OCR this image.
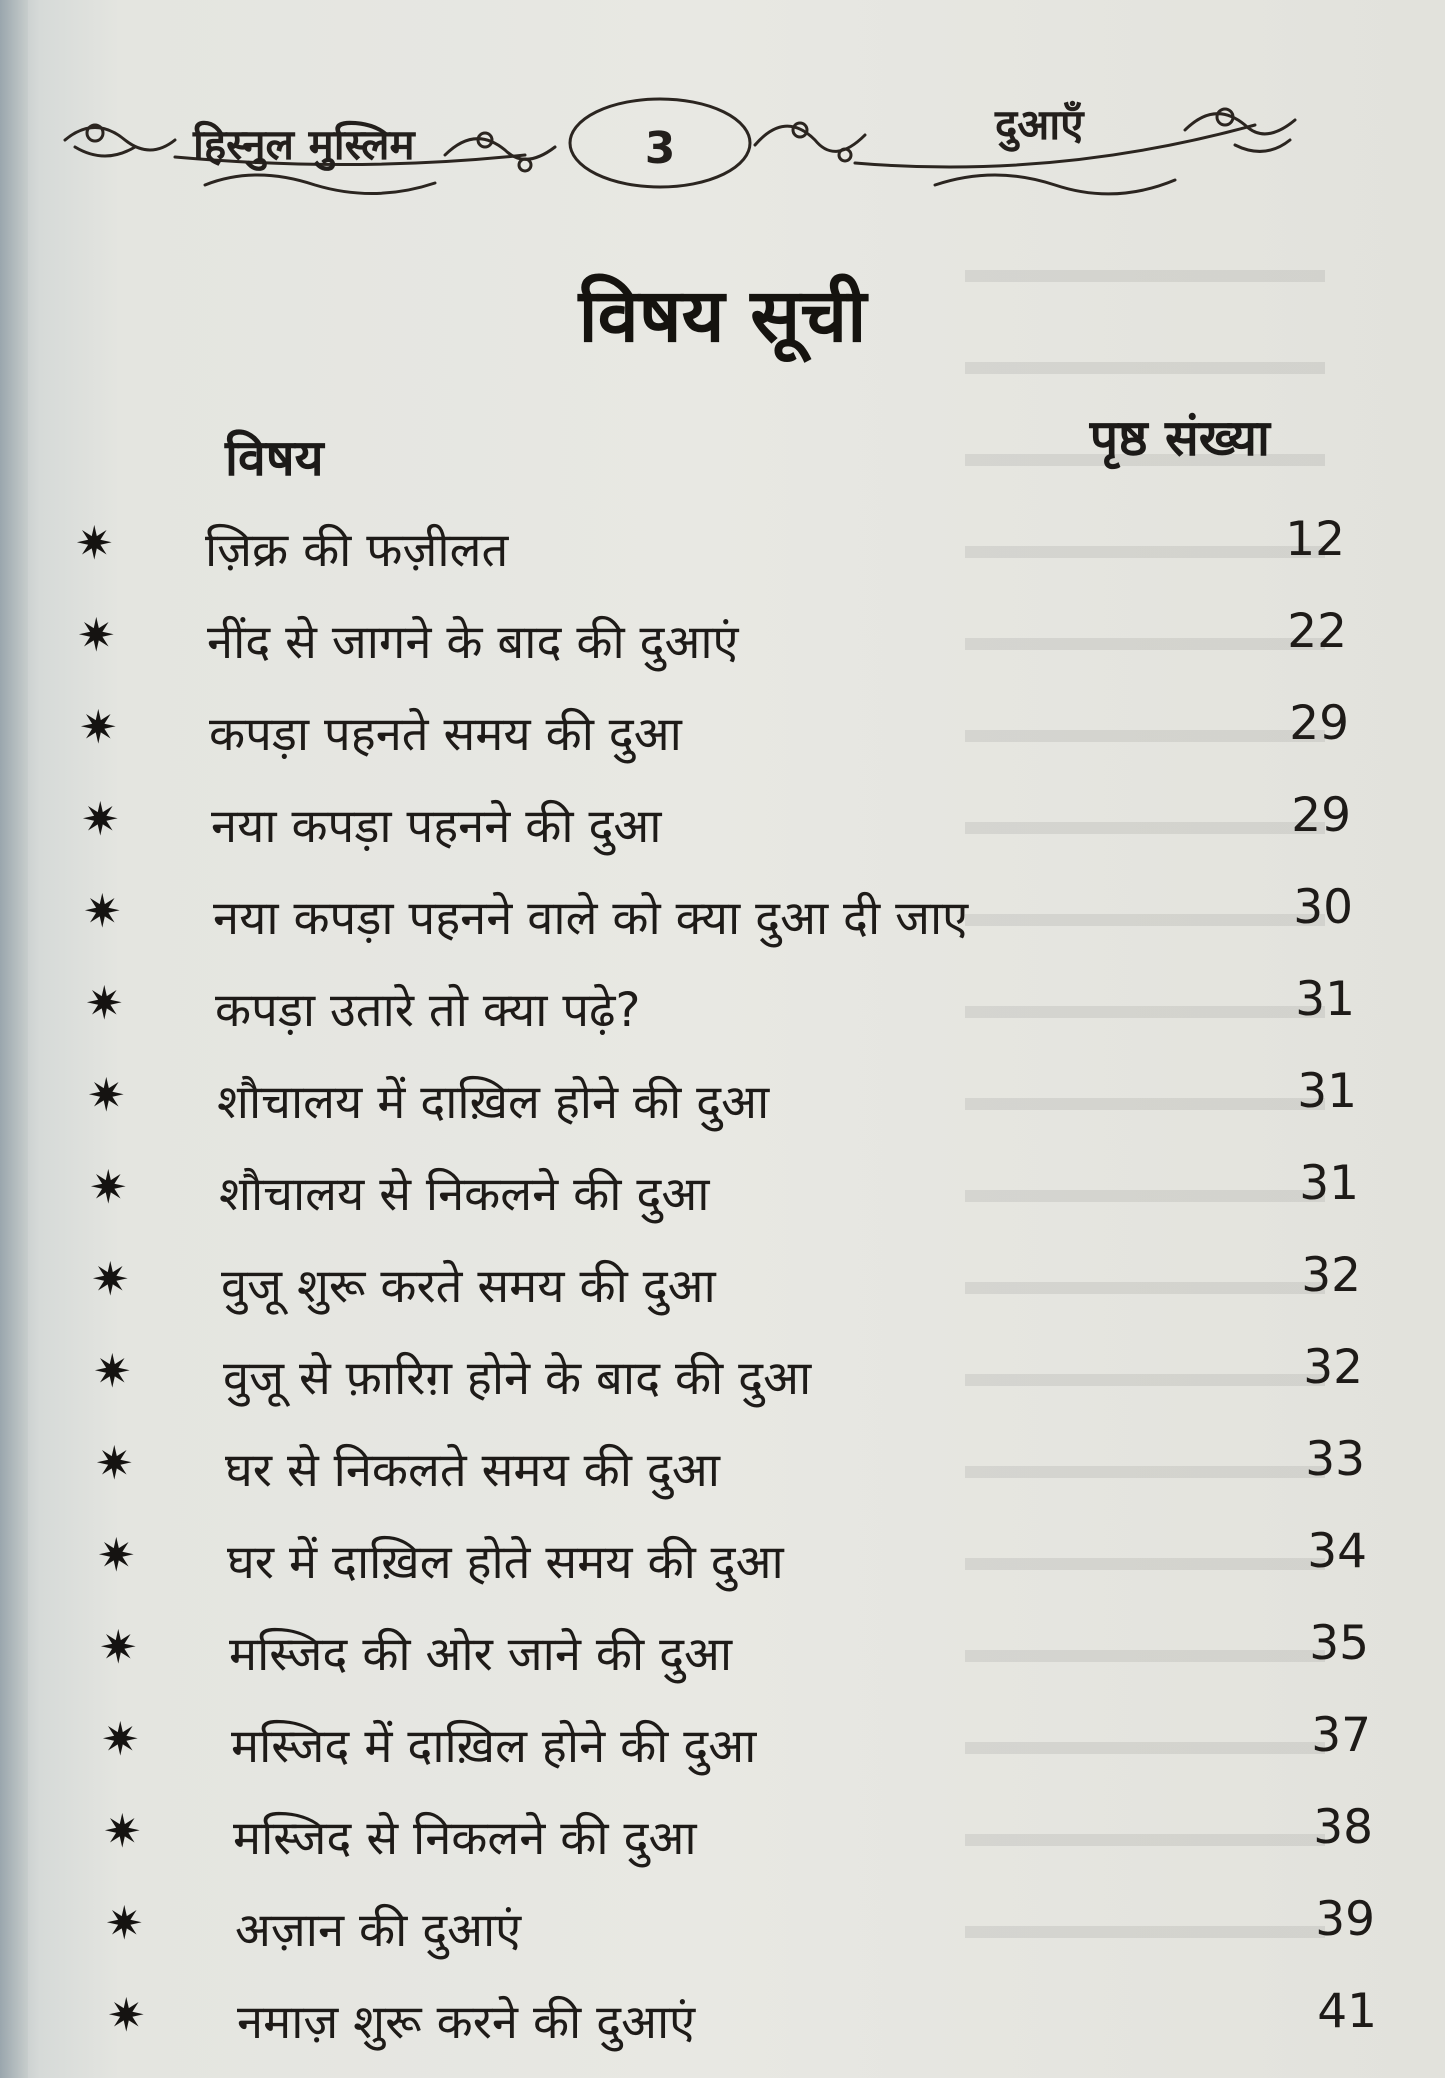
हिस्नुल मुस्लिम	3	दुआएँ
विषय सूची
विषय	पृष्ठ संख्या
✷ ज़िक्र की फज़ीलत	12
✷ नींद से जागने के बाद की दुआएं	22
✷ कपड़ा पहनते समय की दुआ	29
✷ नया कपड़ा पहनने की दुआ	29
✷ नया कपड़ा पहनने वाले को क्या दुआ दी जाए	30
✷ कपड़ा उतारे तो क्या पढ़े?	31
✷ शौचालय में दाख़िल होने की दुआ	31
✷ शौचालय से निकलने की दुआ	31
✷ वुजू शुरू करते समय की दुआ	32
✷ वुजू से फ़ारिग़ होने के बाद की दुआ	32
✷ घर से निकलते समय की दुआ	33
✷ घर में दाख़िल होते समय की दुआ	34
✷ मस्जिद की ओर जाने की दुआ	35
✷ मस्जिद में दाख़िल होने की दुआ	37
✷ मस्जिद से निकलने की दुआ	38
✷ अज़ान की दुआएं	39
✷ नमाज़ शुरू करने की दुआएं	41
